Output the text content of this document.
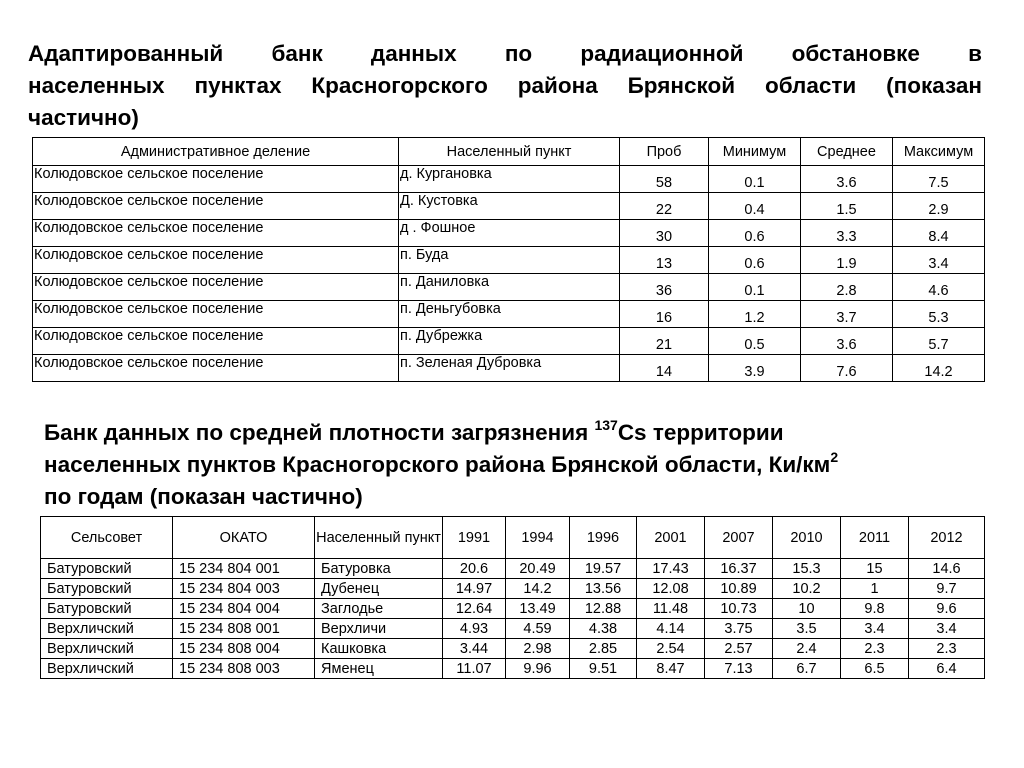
Адаптированный банк данных по радиационной обстановке в
населенных пунктах Красногорского района Брянской области (показан
частично)
Административное деление	Населенный пункт	Проб	Минимум	Среднее	Максимум
Колюдовское сельское поселение	д. Кургановка	58	0.1	3.6	7.5
Колюдовское сельское поселение	Д. Кустовка	22	0.4	1.5	2.9
Колюдовское сельское поселение	д . Фошное	30	0.6	3.3	8.4
Колюдовское сельское поселение	п. Буда	13	0.6	1.9	3.4
Колюдовское сельское поселение	п. Даниловка	36	0.1	2.8	4.6
Колюдовское сельское поселение	п. Деньгубовка	16	1.2	3.7	5.3
Колюдовское сельское поселение	п. Дубрежка	21	0.5	3.6	5.7
Колюдовское сельское поселение	п. Зеленая Дубровка	14	3.9	7.6	14.2
Банк данных по средней плотности загрязнения $^{137}$Cs территории
населенных пунктов Красногорского района Брянской области, $Ки/км^2$
по годам (показан частично)
Сельсовет	ОКАТО	Населенный пункт	1991	1994	1996	2001	2007	2010	2011	2012
Батуровский	15 234 804 001	Батуровка	20.6	20.49	19.57	17.43	16.37	15.3	15	14.6
Батуровский	15 234 804 003	Дубенец	14.97	14.2	13.56	12.08	10.89	10.2	1	9.7
Батуровский	15 234 804 004	Заглодье	12.64	13.49	12.88	11.48	10.73	10	9.8	9.6
Верхличский	15 234 808 001	Верхличи	4.93	4.59	4.38	4.14	3.75	3.5	3.4	3.4
Верхличский	15 234 808 004	Кашковка	3.44	2.98	2.85	2.54	2.57	2.4	2.3	2.3
Верхличский	15 234 808 003	Яменец	11.07	9.96	9.51	8.47	7.13	6.7	6.5	6.4
